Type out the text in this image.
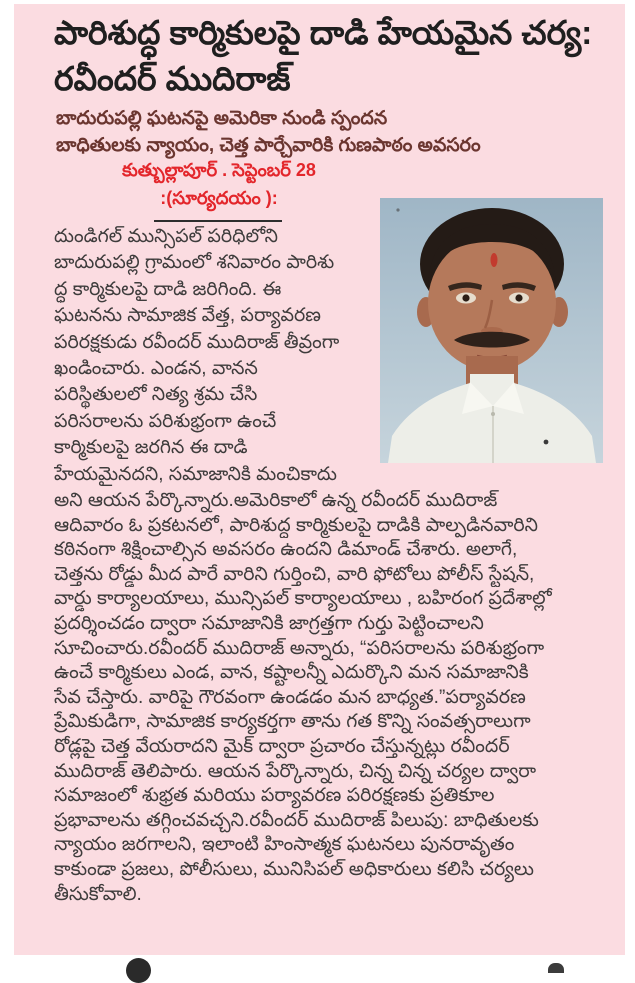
పారిశుద్ధ కార్మికులపై దాడి హేయమైన చర్య:
రవీందర్ ముదిరాజ్
బాదురుపల్లి ఘటనపై అమెరికా నుండి స్పందన
బాధితులకు న్యాయం, చెత్త పార్చేవారికి గుణపాఠం అవసరం
కుత్బుల్లాపూర్ . సెప్టెంబర్ 28
:(సూర్యదయం ):
దుండిగల్ మున్సిపల్ పరిధిలోని
బాదురుపల్లి గ్రామంలో శనివారం పారిశు
ద్ధ కార్మికులపై దాడి జరిగింది. ఈ
ఘటనను సామాజిక వేత్త, పర్యావరణ
పరిరక్షకుడు రవీందర్ ముదిరాజ్ తీవ్రంగా
ఖండించారు. ఎండన, వానన
పరిస్థితులలో నిత్య శ్రమ చేసి
పరిసరాలను పరిశుభ్రంగా ఉంచే
కార్మికులపై జరగిన ఈ దాడి
హేయమైనదని, సమాజానికి మంచికాదు
అని ఆయన పేర్కొన్నారు.అమెరికాలో ఉన్న రవీందర్ ముదిరాజ్
ఆదివారం ఓ ప్రకటనలో, పారిశుద్ధ కార్మికులపై దాడికి పాల్పడినవారిని
కఠినంగా శిక్షించాల్సిన అవసరం ఉందని డిమాండ్ చేశారు. అలాగే,
చెత్తను రోడ్డు మీద పారే వారిని గుర్తించి, వారి ఫోటోలు పోలీస్ స్టేషన్,
వార్డు కార్యాలయాలు, మున్సిపల్ కార్యాలయాలు , బహిరంగ ప్రదేశాల్లో
ప్రదర్శించడం ద్వారా సమాజానికి జాగ్రత్తగా గుర్తు పెట్టించాలని
సూచించారు.రవీందర్ ముదిరాజ్ అన్నారు, “పరిసరాలను పరిశుభ్రంగా
ఉంచే కార్మికులు ఎండ, వాన, కష్టాలన్నీ ఎదుర్కొని మన సమాజానికి
సేవ చేస్తారు. వారిపై గౌరవంగా ఉండడం మన బాధ్యత.”పర్యావరణ
ప్రేమికుడిగా, సామాజిక కార్యకర్తగా తాను గత కొన్ని సంవత్సరాలుగా
రోడ్లపై చెత్త వేయరాదని మైక్ ద్వారా ప్రచారం చేస్తున్నట్లు రవీందర్
ముదిరాజ్ తెలిపారు. ఆయన పేర్కొన్నారు, చిన్న చిన్న చర్యల ద్వారా
సమాజంలో శుభ్రత మరియు పర్యావరణ పరిరక్షణకు ప్రతికూల
ప్రభావాలను తగ్గించవచ్చని.రవీందర్ ముదిరాజ్ పిలుపు: బాధితులకు
న్యాయం జరగాలని, ఇలాంటి హింసాత్మక ఘటనలు పునరావృతం
కాకుండా ప్రజలు, పోలీసులు, మునిసిపల్ అధికారులు కలిసి చర్యలు
తీసుకోవాలి.
